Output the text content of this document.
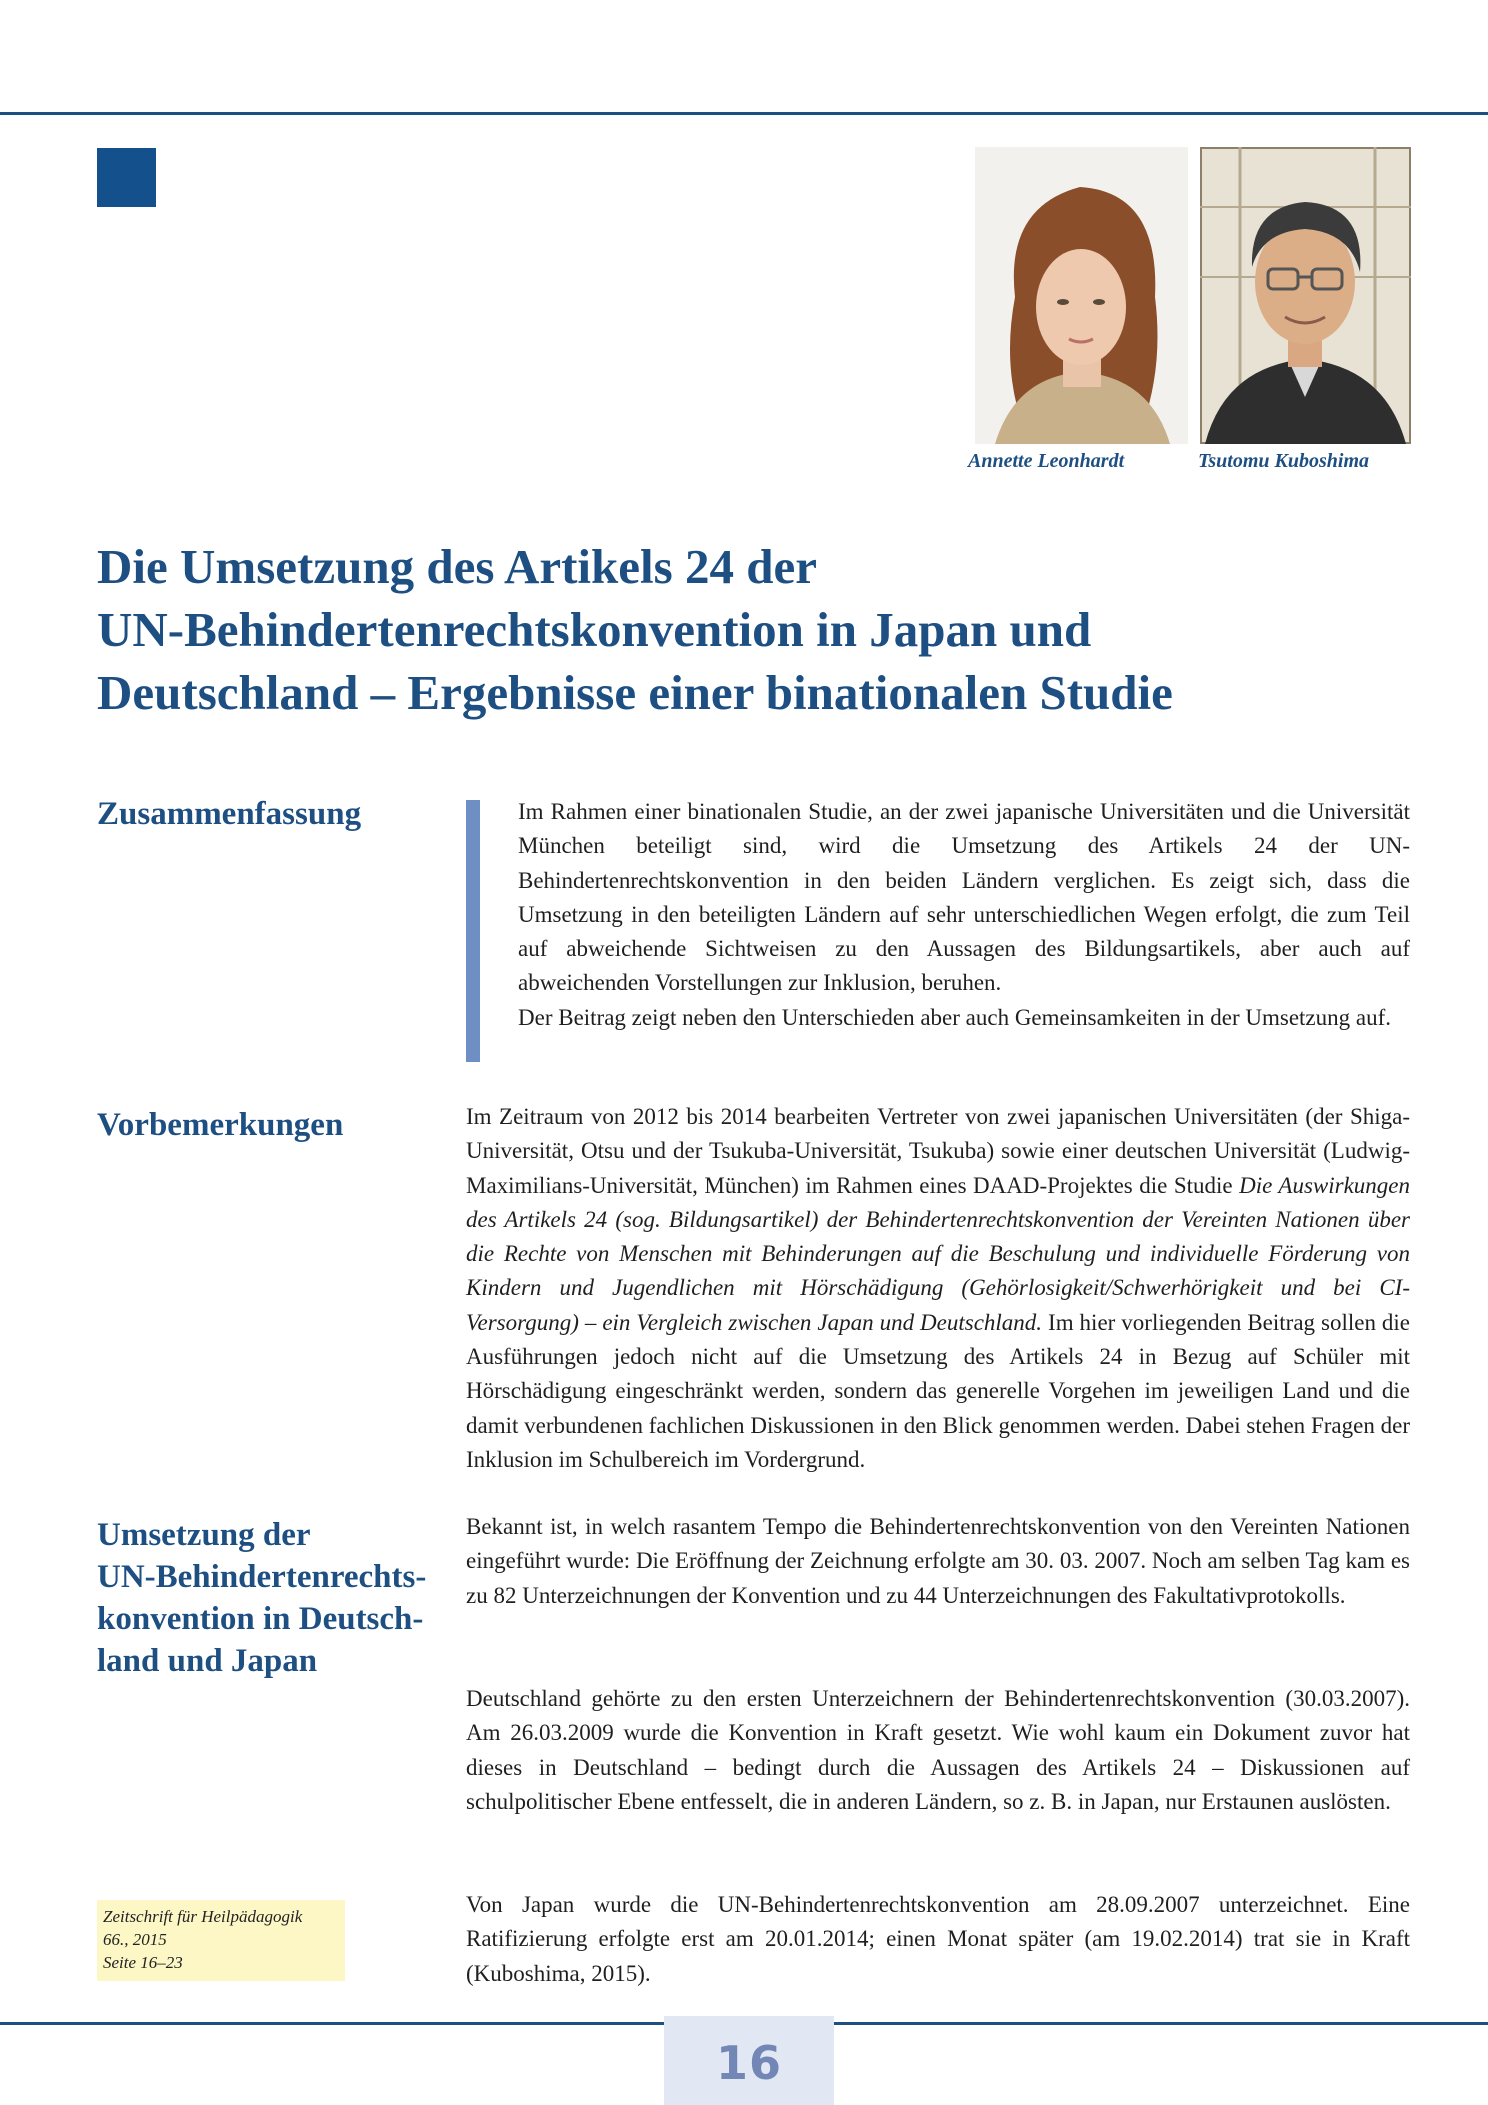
Annette Leonhardt	Tsutomu Kuboshima
Die Umsetzung des Artikels 24 der
UN-Behindertenrechtskonvention in Japan und
Deutschland – Ergebnisse einer binationalen Studie
Zusammenfassung	Im Rahmen einer binationalen Studie, an der zwei japanische Universitäten und die Universität München beteiligt sind, wird die Umsetzung des Artikels 24 der UN-Behindertenrechtskonvention in den beiden Ländern verglichen. Es zeigt sich, dass die Umsetzung in den beteiligten Ländern auf sehr unterschiedlichen Wegen erfolgt, die zum Teil auf abweichende Sichtweisen zu den Aussagen des Bildungsartikels, aber auch auf abweichenden Vorstellungen zur Inklusion, beruhen.
Der Beitrag zeigt neben den Unterschieden aber auch Gemeinsamkeiten in der Umsetzung auf.
Vorbemerkungen	Im Zeitraum von 2012 bis 2014 bearbeiten Vertreter von zwei japanischen Universitäten (der Shiga-Universität, Otsu und der Tsukuba-Universität, Tsukuba) sowie einer deutschen Universität (Ludwig-Maximilians-Universität, München) im Rahmen eines DAAD-Projektes die Studie Die Auswirkungen des Artikels 24 (sog. Bildungsartikel) der Behindertenrechtskonvention der Vereinten Nationen über die Rechte von Menschen mit Behinderungen auf die Beschulung und individuelle Förderung von Kindern und Jugendlichen mit Hörschädigung (Gehörlosigkeit/Schwerhörigkeit und bei CI-Versorgung) – ein Vergleich zwischen Japan und Deutschland. Im hier vorliegenden Beitrag sollen die Ausführungen jedoch nicht auf die Umsetzung des Artikels 24 in Bezug auf Schüler mit Hörschädigung eingeschränkt werden, sondern das generelle Vorgehen im jeweiligen Land und die damit verbundenen fachlichen Diskussionen in den Blick genommen werden. Dabei stehen Fragen der Inklusion im Schulbereich im Vordergrund.

Umsetzung der
UN-Behindertenrechts-
konvention in Deutsch-
land und Japan

Bekannt ist, in welch rasantem Tempo die Behindertenrechtskonvention von den Vereinten Nationen eingeführt wurde: Die Eröffnung der Zeichnung erfolgte am 30. 03. 2007. Noch am selben Tag kam es zu 82 Unterzeichnungen der Konvention und zu 44 Unterzeichnungen des Fakultativprotokolls.

Deutschland gehörte zu den ersten Unterzeichnern der Behindertenrechtskonvention (30.03.2007). Am 26.03.2009 wurde die Konvention in Kraft gesetzt. Wie wohl kaum ein Dokument zuvor hat dieses in Deutschland – bedingt durch die Aussagen des Artikels 24 – Diskussionen auf schulpolitischer Ebene entfesselt, die in anderen Ländern, so z. B. in Japan, nur Erstaunen auslösten.

Von Japan wurde die UN-Behindertenrechtskonvention am 28.09.2007 unterzeichnet. Eine Ratifizierung erfolgte erst am 20.01.2014; einen Monat später (am 19.02.2014) trat sie in Kraft (Kuboshima, 2015).

Zeitschrift für Heilpädagogik
66., 2015
Seite 16–23
16
